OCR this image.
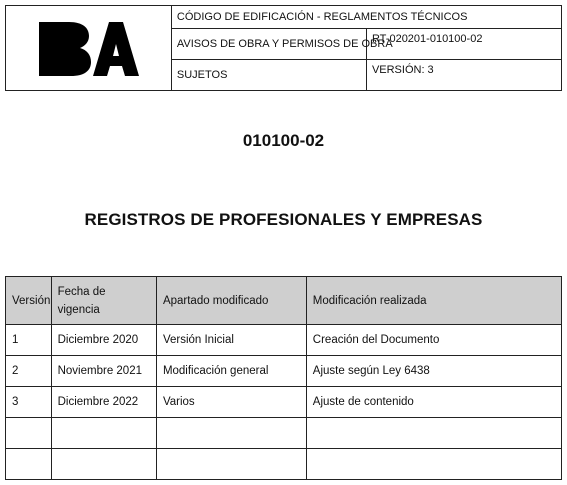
	CÓDIGO DE EDIFICACIÓN - REGLAMENTOS TÉCNICOS	
	AVISOS DE OBRA Y PERMISOS DE OBRA	RT-020201-010100-02
	SUJETOS	VERSIÓN: 3
010100-02
REGISTROS DE PROFESIONALES Y EMPRESAS
Versión	Fecha de vigencia	Apartado modificado	Modificación realizada
1	Diciembre 2020	Versión Inicial	Creación del Documento
2	Noviembre 2021	Modificación general	Ajuste según Ley 6438
3	Diciembre 2022	Varios	Ajuste de contenido
